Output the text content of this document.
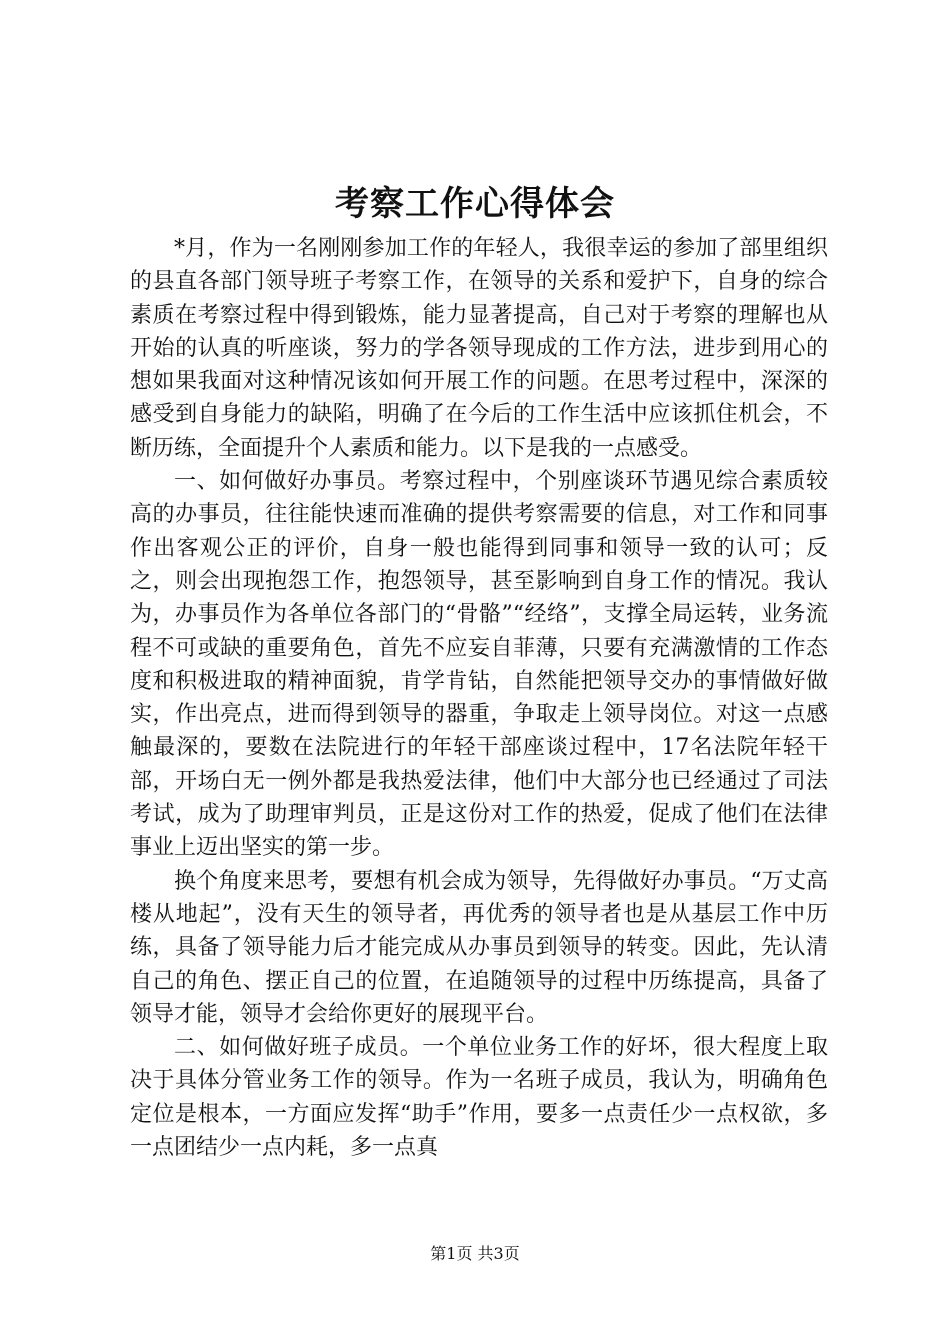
考察工作心得体会

*月，作为一名刚刚参加工作的年轻人，我很幸运的参加了部里组织的县直各部门领导班子考察工作，在领导的关系和爱护下，自身的综合素质在考察过程中得到锻炼，能力显著提高，自己对于考察的理解也从开始的认真的听座谈，努力的学各领导现成的工作方法，进步到用心的想如果我面对这种情况该如何开展工作的问题。在思考过程中，深深的感受到自身能力的缺陷，明确了在今后的工作生活中应该抓住机会，不断历练，全面提升个人素质和能力。以下是我的一点感受。

一、如何做好办事员。考察过程中，个别座谈环节遇见综合素质较高的办事员，往往能快速而准确的提供考察需要的信息，对工作和同事作出客观公正的评价，自身一般也能得到同事和领导一致的认可；反之，则会出现抱怨工作，抱怨领导，甚至影响到自身工作的情况。我认为，办事员作为各单位各部门的“骨骼”“经络”，支撑全局运转，业务流程不可或缺的重要角色，首先不应妄自菲薄，只要有充满激情的工作态度和积极进取的精神面貌，肯学肯钻，自然能把领导交办的事情做好做实，作出亮点，进而得到领导的器重，争取走上领导岗位。对这一点感触最深的，要数在法院进行的年轻干部座谈过程中，17名法院年轻干部，开场白无一例外都是我热爱法律，他们中大部分也已经通过了司法考试，成为了助理审判员，正是这份对工作的热爱，促成了他们在法律事业上迈出坚实的第一步。

换个角度来思考，要想有机会成为领导，先得做好办事员。“万丈高楼从地起”，没有天生的领导者，再优秀的领导者也是从基层工作中历练，具备了领导能力后才能完成从办事员到领导的转变。因此，先认清自己的角色、摆正自己的位置，在追随领导的过程中历练提高，具备了领导才能，领导才会给你更好的展现平台。

二、如何做好班子成员。一个单位业务工作的好坏，很大程度上取决于具体分管业务工作的领导。作为一名班子成员，我认为，明确角色定位是根本，一方面应发挥“助手”作用，要多一点责任少一点权欲，多一点团结少一点内耗，多一点真

第1页 共3页
